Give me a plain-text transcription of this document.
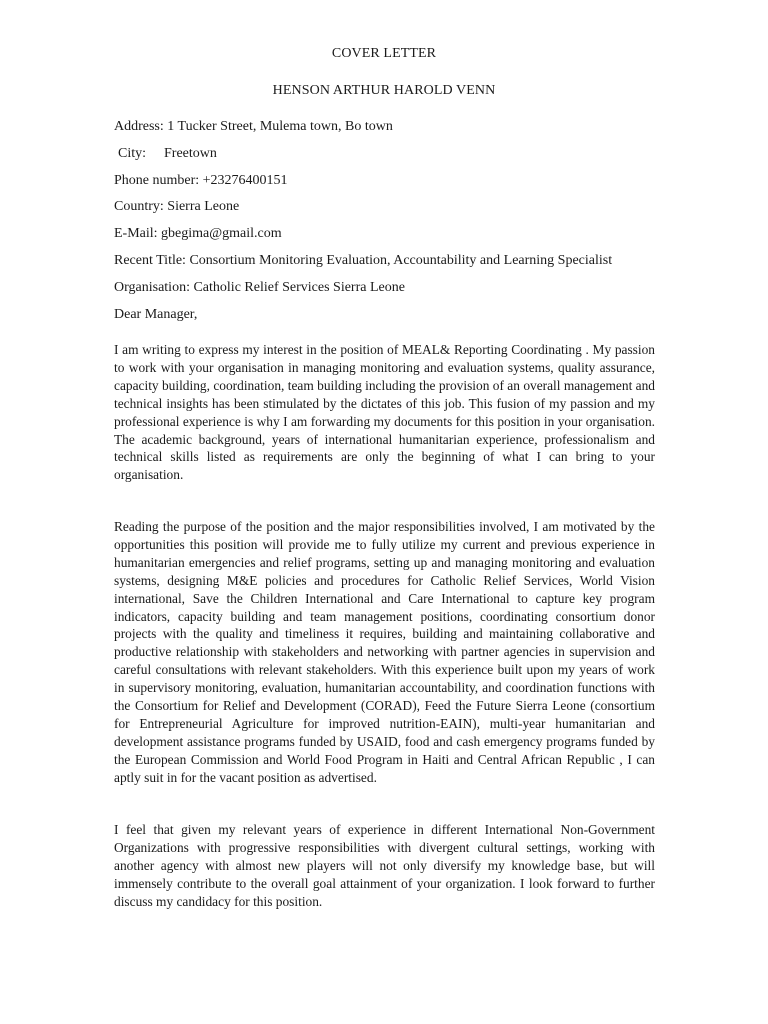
COVER LETTER
HENSON ARTHUR HAROLD VENN
Address: 1 Tucker Street, Mulema town, Bo town
City: Freetown
Phone number: +23276400151
Country: Sierra Leone
E-Mail: gbegima@gmail.com
Recent Title: Consortium Monitoring Evaluation, Accountability and Learning Specialist
Organisation: Catholic Relief Services Sierra Leone
Dear Manager,

I am writing to express my interest in the position of MEAL& Reporting Coordinating . My passion to work with your organisation in managing monitoring and evaluation systems, quality assurance, capacity building, coordination, team building including the provision of an overall management and technical insights has been stimulated by the dictates of this job. This fusion of my passion and my professional experience is why I am forwarding my documents for this position in your organisation. The academic background, years of international humanitarian experience, professionalism and technical skills listed as requirements are only the beginning of what I can bring to your organisation.

Reading the purpose of the position and the major responsibilities involved, I am motivated by the opportunities this position will provide me to fully utilize my current and previous experience in humanitarian emergencies and relief programs, setting up and managing monitoring and evaluation systems, designing M&E policies and procedures for Catholic Relief Services, World Vision international, Save the Children International and Care International to capture key program indicators, capacity building and team management positions, coordinating consortium donor projects with the quality and timeliness it requires, building and maintaining collaborative and productive relationship with stakeholders and networking with partner agencies in supervision and careful consultations with relevant stakeholders. With this experience built upon my years of work in supervisory monitoring, evaluation, humanitarian accountability, and coordination functions with the Consortium for Relief and Development (CORAD), Feed the Future Sierra Leone (consortium for Entrepreneurial Agriculture for improved nutrition-EAIN), multi-year humanitarian and development assistance programs funded by USAID, food and cash emergency programs funded by the European Commission and World Food Program in Haiti and Central African Republic , I can aptly suit in for the vacant position as advertised.

I feel that given my relevant years of experience in different International Non-Government Organizations with progressive responsibilities with divergent cultural settings, working with another agency with almost new players will not only diversify my knowledge base, but will immensely contribute to the overall goal attainment of your organization. I look forward to further discuss my candidacy for this position.
